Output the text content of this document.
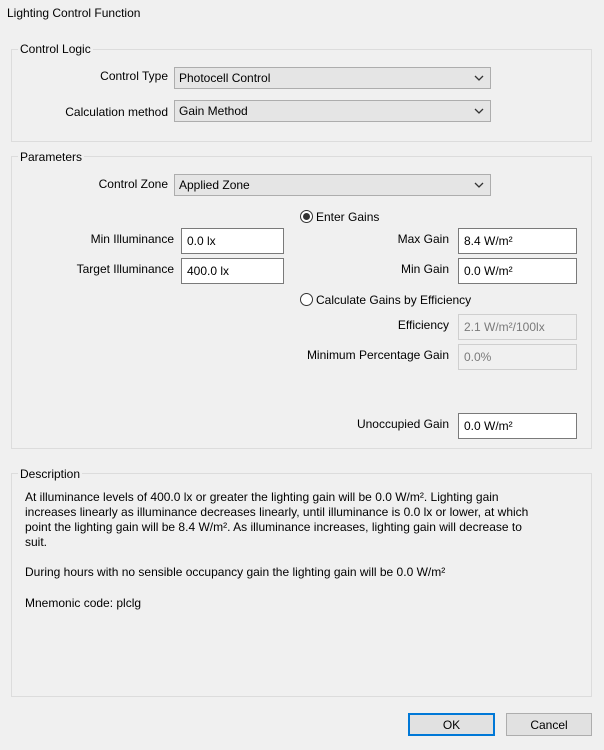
Lighting Control Function
Control Logic
Control Type Photocell Control
Calculation method Gain Method
Parameters
Control Zone Applied Zone
Enter Gains
Min Illuminance	0.0 lx	Max Gain	8.4 W/m²
Target Illuminance	400.0 lx	Min Gain	0.0 W/m²
Calculate Gains by Efficiency
Efficiency	2.1 W/m²/100lx
Minimum Percentage Gain	0.0%
Unoccupied Gain	0.0 W/m²
Description
At illuminance levels of 400.0 lx or greater the lighting gain will be 0.0 W/m². Lighting gain
increases linearly as illuminance decreases linearly, until illuminance is 0.0 lx or lower, at which
point the lighting gain will be 8.4 W/m². As illuminance increases, lighting gain will decrease to
suit.
During hours with no sensible occupancy gain the lighting gain will be 0.0 W/m²
Mnemonic code: plclg
OK	Cancel
